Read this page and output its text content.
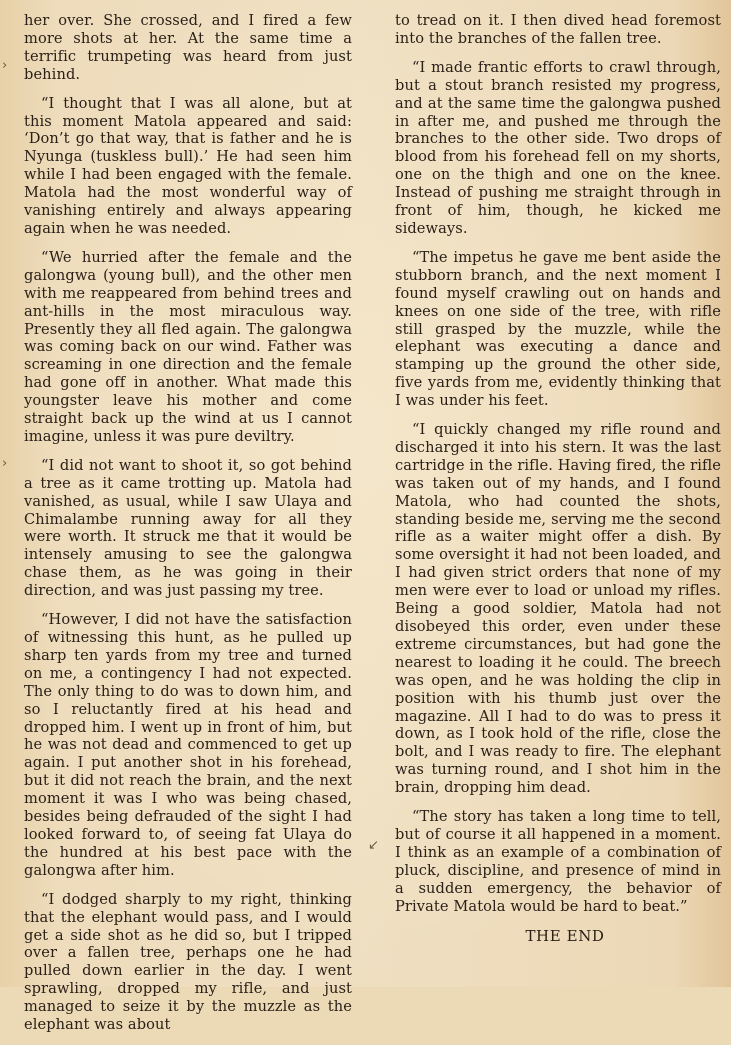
her over. She crossed, and I fired a few more shots at her. At the same time a terrific trumpeting was heard from just behind.

“I thought that I was all alone, but at this moment Matola appeared and said: ‘Don’t go that way, that is father and he is Nyunga (tuskless bull).’ He had seen him while I had been engaged with the female. Matola had the most wonderful way of vanishing entirely and always appearing again when he was needed.

“We hurried after the female and the galongwa (young bull), and the other men with me reappeared from behind trees and ant-hills in the most miraculous way. Presently they all fled again. The galongwa was coming back on our wind. Father was screaming in one direction and the female had gone off in another. What made this youngster leave his mother and come straight back up the wind at us I cannot imagine, unless it was pure deviltry.

“I did not want to shoot it, so got behind a tree as it came trotting up. Matola had vanished, as usual, while I saw Ulaya and Chimalambe running away for all they were worth. It struck me that it would be intensely amusing to see the galongwa chase them, as he was going in their direction, and was just passing my tree.

“However, I did not have the satisfaction of witnessing this hunt, as he pulled up sharp ten yards from my tree and turned on me, a contingency I had not expected. The only thing to do was to down him, and so I reluctantly fired at his head and dropped him. I went up in front of him, but he was not dead and commenced to get up again. I put another shot in his forehead, but it did not reach the brain, and the next moment it was I who was being chased, besides being defrauded of the sight I had looked forward to, of seeing fat Ulaya do the hundred at his best pace with the galongwa after him.

“I dodged sharply to my right, thinking that the elephant would pass, and I would get a side shot as he did so, but I tripped over a fallen tree, perhaps one he had pulled down earlier in the day. I went sprawling, dropped my rifle, and just managed to seize it by the muzzle as the elephant was about

to tread on it. I then dived head foremost into the branches of the fallen tree.

“I made frantic efforts to crawl through, but a stout branch resisted my progress, and at the same time the galongwa pushed in after me, and pushed me through the branches to the other side. Two drops of blood from his forehead fell on my shorts, one on the thigh and one on the knee. Instead of pushing me straight through in front of him, though, he kicked me sideways.

“The impetus he gave me bent aside the stubborn branch, and the next moment I found myself crawling out on hands and knees on one side of the tree, with rifle still grasped by the muzzle, while the elephant was executing a dance and stamping up the ground the other side, five yards from me, evidently thinking that I was under his feet.

“I quickly changed my rifle round and discharged it into his stern. It was the last cartridge in the rifle. Having fired, the rifle was taken out of my hands, and I found Matola, who had counted the shots, standing beside me, serving me the second rifle as a waiter might offer a dish. By some oversight it had not been loaded, and I had given strict orders that none of my men were ever to load or unload my rifles. Being a good soldier, Matola had not disobeyed this order, even under these extreme circumstances, but had gone the nearest to loading it he could. The breech was open, and he was holding the clip in position with his thumb just over the magazine. All I had to do was to press it down, as I took hold of the rifle, close the bolt, and I was ready to fire. The elephant was turning round, and I shot him in the brain, dropping him dead.

“The story has taken a long time to tell, but of course it all happened in a moment. I think as an example of a combination of pluck, discipline, and presence of mind in a sudden emergency, the behavior of Private Matola would be hard to beat.”

THE END
›
›
↙
